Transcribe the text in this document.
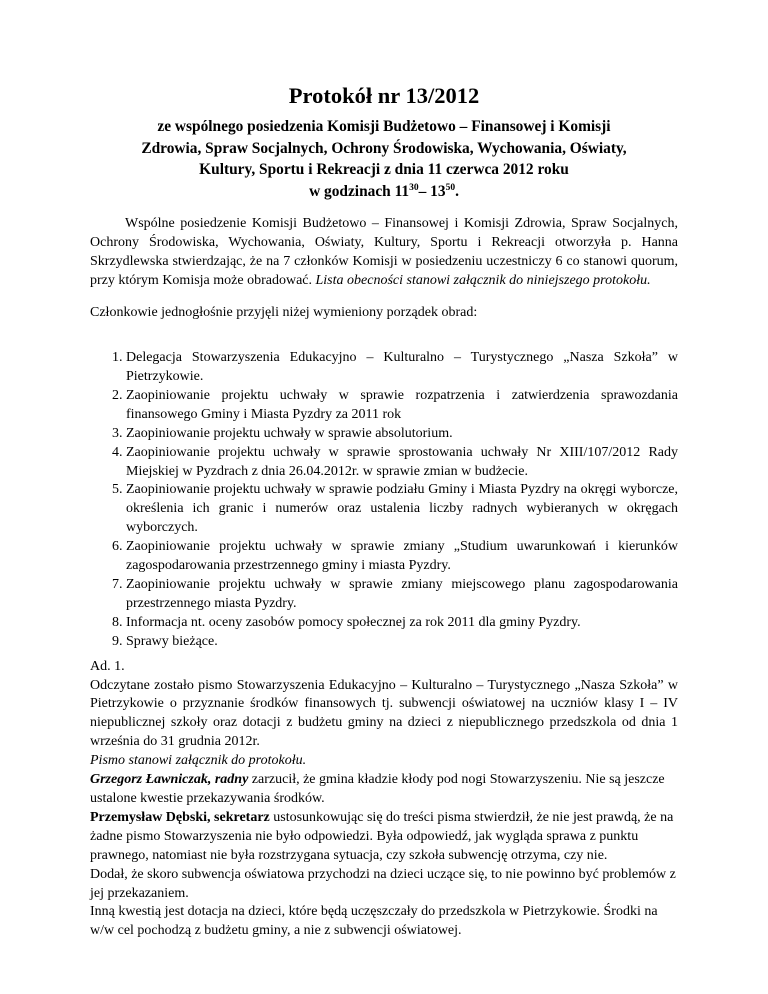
Protokół nr 13/2012
ze wspólnego posiedzenia Komisji Budżetowo – Finansowej i Komisji
Zdrowia, Spraw Socjalnych, Ochrony Środowiska, Wychowania, Oświaty,
Kultury, Sportu i Rekreacji z dnia 11 czerwca 2012 roku
w godzinach $11^{30}-$ $13^{50}$.

Wspólne posiedzenie Komisji Budżetowo – Finansowej i Komisji Zdrowia, Spraw Socjalnych, Ochrony Środowiska, Wychowania, Oświaty, Kultury, Sportu i Rekreacji otworzyła p. Hanna Skrzydlewska stwierdzając, że na 7 członków Komisji w posiedzeniu uczestniczy 6 co stanowi quorum, przy którym Komisja może obradować. Lista obecności stanowi załącznik do niniejszego protokołu.

Członkowie jednogłośnie przyjęli niżej wymieniony porządek obrad:

1. Delegacja Stowarzyszenia Edukacyjno – Kulturalno – Turystycznego „Nasza Szkoła” w Pietrzykowie.
2. Zaopiniowanie projektu uchwały w sprawie rozpatrzenia i zatwierdzenia sprawozdania finansowego Gminy i Miasta Pyzdry za 2011 rok
3. Zaopiniowanie projektu uchwały w sprawie absolutorium.
4. Zaopiniowanie projektu uchwały w sprawie sprostowania uchwały Nr XIII/107/2012 Rady Miejskiej w Pyzdrach z dnia 26.04.2012r. w sprawie zmian w budżecie.
5. Zaopiniowanie projektu uchwały w sprawie podziału Gminy i Miasta Pyzdry na okręgi wyborcze, określenia ich granic i numerów oraz ustalenia liczby radnych wybieranych w okręgach wyborczych.
6. Zaopiniowanie projektu uchwały w sprawie zmiany „Studium uwarunkowań i kierunków zagospodarowania przestrzennego gminy i miasta Pyzdry.
7. Zaopiniowanie projektu uchwały w sprawie zmiany miejscowego planu zagospodarowania przestrzennego miasta Pyzdry.
8. Informacja nt. oceny zasobów pomocy społecznej za rok 2011 dla gminy Pyzdry.
9. Sprawy bieżące.
Ad. 1.
Odczytane zostało pismo Stowarzyszenia Edukacyjno – Kulturalno – Turystycznego „Nasza Szkoła” w Pietrzykowie o przyznanie środków finansowych tj. subwencji oświatowej na uczniów klasy I – IV niepublicznej szkoły oraz dotacji z budżetu gminy na dzieci z niepublicznego przedszkola od dnia 1 września do 31 grudnia 2012r.
Pismo stanowi załącznik do protokołu.
Grzegorz Ławniczak, radny zarzucił, że gmina kładzie kłody pod nogi Stowarzyszeniu. Nie są jeszcze ustalone kwestie przekazywania środków.
Przemysław Dębski, sekretarz ustosunkowując się do treści pisma stwierdził, że nie jest prawdą, że na żadne pismo Stowarzyszenia nie było odpowiedzi. Była odpowiedź, jak wygląda sprawa z punktu prawnego, natomiast nie była rozstrzygana sytuacja, czy szkoła subwencję otrzyma, czy nie.
Dodał, że skoro subwencja oświatowa przychodzi na dzieci uczące się, to nie powinno być problemów z jej przekazaniem.
Inną kwestią jest dotacja na dzieci, które będą uczęszczały do przedszkola w Pietrzykowie. Środki na w/w cel pochodzą z budżetu gminy, a nie z subwencji oświatowej.
